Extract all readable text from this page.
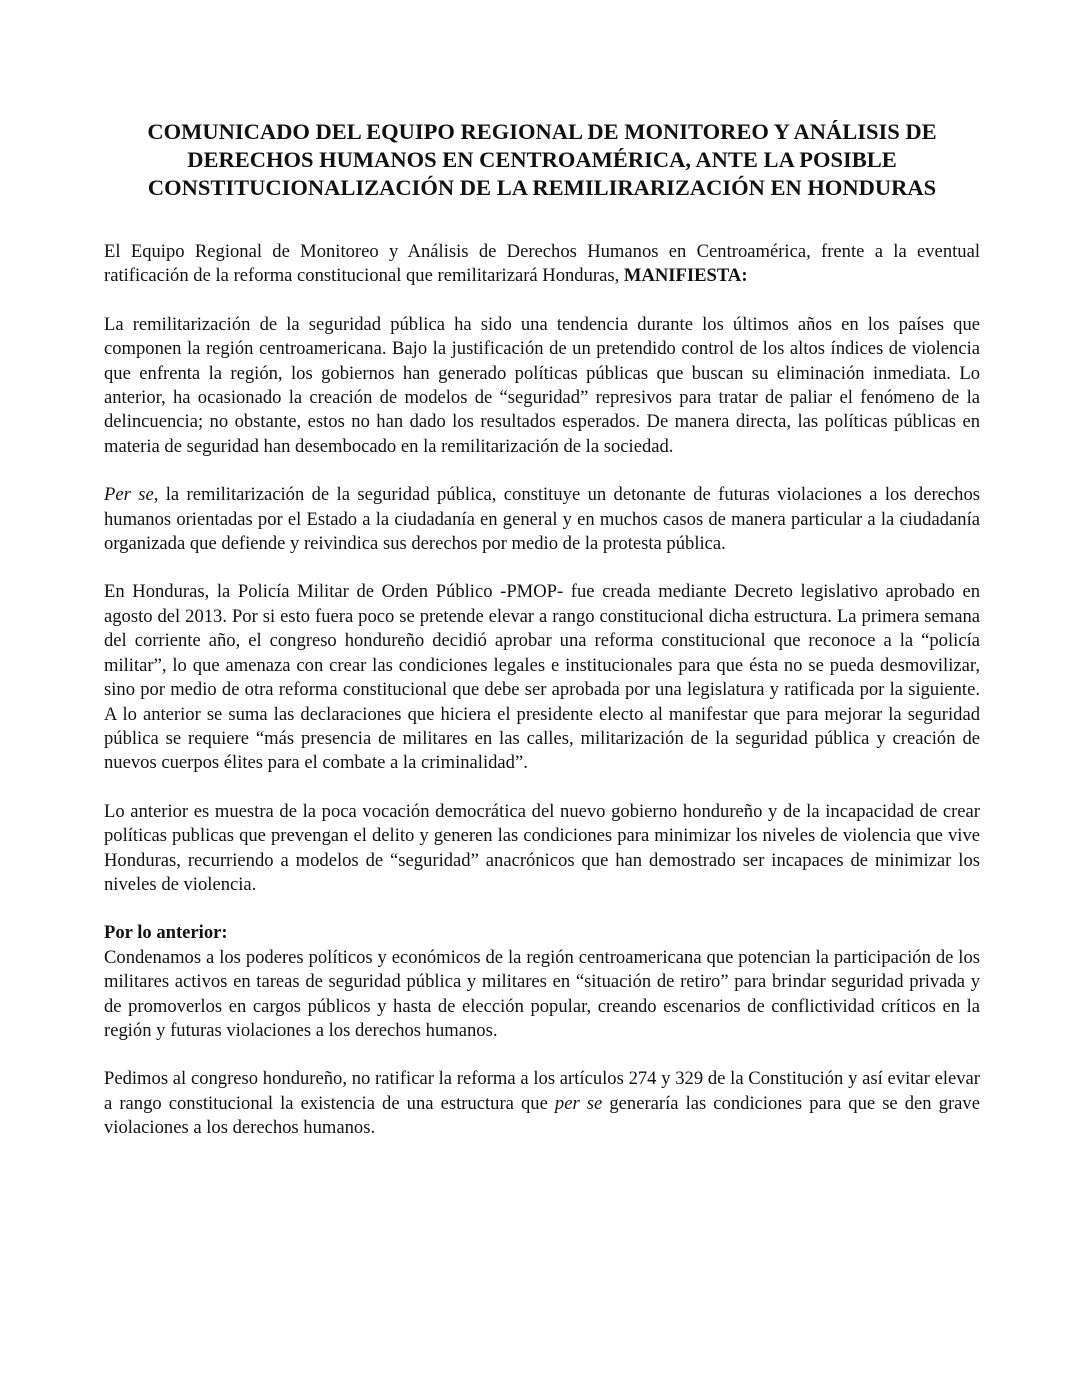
COMUNICADO DEL EQUIPO REGIONAL DE MONITOREO Y ANÁLISIS DE
DERECHOS HUMANOS EN CENTROAMÉRICA, ANTE LA POSIBLE
CONSTITUCIONALIZACIÓN DE LA REMILIRARIZACIÓN EN HONDURAS

El Equipo Regional de Monitoreo y Análisis de Derechos Humanos en Centroamérica, frente a la eventual ratificación de la reforma constitucional que remilitarizará Honduras, MANIFIESTA:

La remilitarización de la seguridad pública ha sido una tendencia durante los últimos años en los países que componen la región centroamericana. Bajo la justificación de un pretendido control de los altos índices de violencia que enfrenta la región, los gobiernos han generado políticas públicas que buscan su eliminación inmediata. Lo anterior, ha ocasionado la creación de modelos de “seguridad” represivos para tratar de paliar el fenómeno de la delincuencia; no obstante, estos no han dado los resultados esperados. De manera directa, las políticas públicas en materia de seguridad han desembocado en la remilitarización de la sociedad.

Per se, la remilitarización de la seguridad pública, constituye un detonante de futuras violaciones a los derechos humanos orientadas por el Estado a la ciudadanía en general y en muchos casos de manera particular a la ciudadanía organizada que defiende y reivindica sus derechos por medio de la protesta pública.

En Honduras, la Policía Militar de Orden Público -PMOP- fue creada mediante Decreto legislativo aprobado en agosto del 2013. Por si esto fuera poco se pretende elevar a rango constitucional dicha estructura. La primera semana del corriente año, el congreso hondureño decidió aprobar una reforma constitucional que reconoce a la “policía militar”, lo que amenaza con crear las condiciones legales e institucionales para que ésta no se pueda desmovilizar, sino por medio de otra reforma constitucional que debe ser aprobada por una legislatura y ratificada por la siguiente. A lo anterior se suma las declaraciones que hiciera el presidente electo al manifestar que para mejorar la seguridad pública se requiere “más presencia de militares en las calles, militarización de la seguridad pública y creación de nuevos cuerpos élites para el combate a la criminalidad”.

Lo anterior es muestra de la poca vocación democrática del nuevo gobierno hondureño y de la incapacidad de crear políticas publicas que prevengan el delito y generen las condiciones para minimizar los niveles de violencia que vive Honduras, recurriendo a modelos de “seguridad” anacrónicos que han demostrado ser incapaces de minimizar los niveles de violencia.

Por lo anterior:

Condenamos a los poderes políticos y económicos de la región centroamericana que potencian la participación de los militares activos en tareas de seguridad pública y militares en “situación de retiro” para brindar seguridad privada y de promoverlos en cargos públicos y hasta de elección popular, creando escenarios de conflictividad críticos en la región y futuras violaciones a los derechos humanos.

Pedimos al congreso hondureño, no ratificar la reforma a los artículos 274 y 329 de la Constitución y así evitar elevar a rango constitucional la existencia de una estructura que per se generaría las condiciones para que se den grave violaciones a los derechos humanos.
